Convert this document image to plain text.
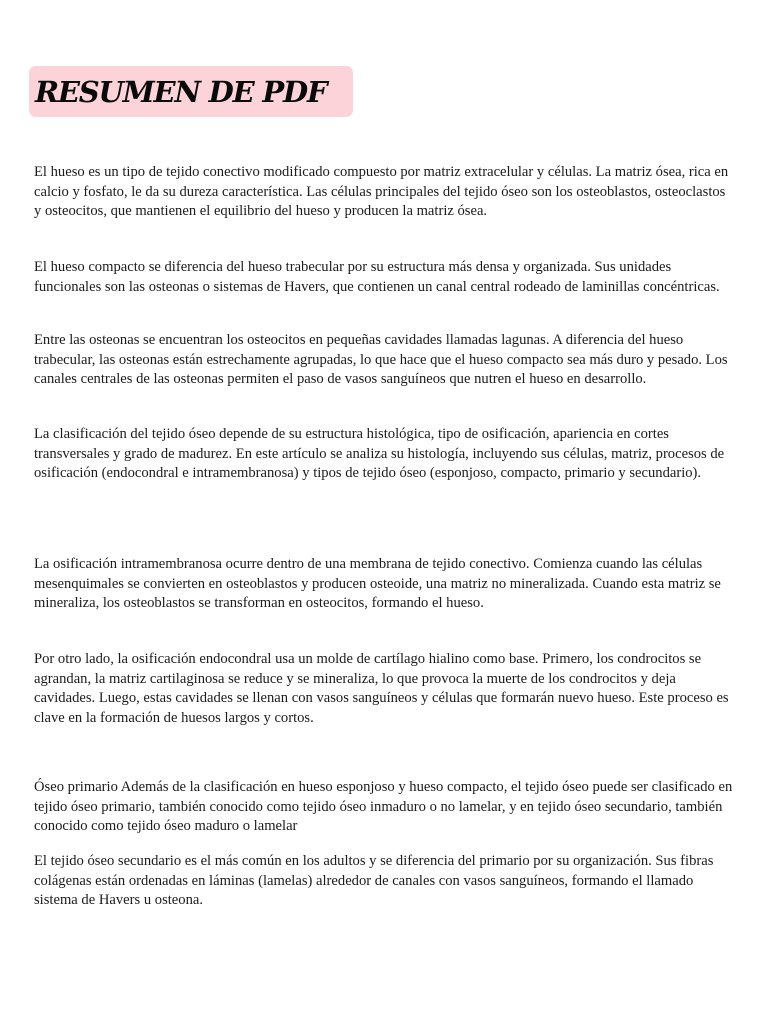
RESUMEN DE PDF

El hueso es un tipo de tejido conectivo modificado compuesto por matriz extracelular y células. La matriz ósea, rica en calcio y fosfato, le da su dureza característica. Las células principales del tejido óseo son los osteoblastos, osteoclastos y osteocitos, que mantienen el equilibrio del hueso y producen la matriz ósea.

El hueso compacto se diferencia del hueso trabecular por su estructura más densa y organizada. Sus unidades funcionales son las osteonas o sistemas de Havers, que contienen un canal central rodeado de laminillas concéntricas.

Entre las osteonas se encuentran los osteocitos en pequeñas cavidades llamadas lagunas. A diferencia del hueso trabecular, las osteonas están estrechamente agrupadas, lo que hace que el hueso compacto sea más duro y pesado. Los canales centrales de las osteonas permiten el paso de vasos sanguíneos que nutren el hueso en desarrollo.

La clasificación del tejido óseo depende de su estructura histológica, tipo de osificación, apariencia en cortes transversales y grado de madurez. En este artículo se analiza su histología, incluyendo sus células, matriz, procesos de osificación (endocondral e intramembranosa) y tipos de tejido óseo (esponjoso, compacto, primario y secundario).

La osificación intramembranosa ocurre dentro de una membrana de tejido conectivo. Comienza cuando las células mesenquimales se convierten en osteoblastos y producen osteoide, una matriz no mineralizada. Cuando esta matriz se mineraliza, los osteoblastos se transforman en osteocitos, formando el hueso.

Por otro lado, la osificación endocondral usa un molde de cartílago hialino como base. Primero, los condrocitos se agrandan, la matriz cartilaginosa se reduce y se mineraliza, lo que provoca la muerte de los condrocitos y deja cavidades. Luego, estas cavidades se llenan con vasos sanguíneos y células que formarán nuevo hueso. Este proceso es clave en la formación de huesos largos y cortos.

Óseo primario Además de la clasificación en hueso esponjoso y hueso compacto, el tejido óseo puede ser clasificado en tejido óseo primario, también conocido como tejido óseo inmaduro o no lamelar, y en tejido óseo secundario, también conocido como tejido óseo maduro o lamelar

El tejido óseo secundario es el más común en los adultos y se diferencia del primario por su organización. Sus fibras colágenas están ordenadas en láminas (lamelas) alrededor de canales con vasos sanguíneos, formando el llamado sistema de Havers u osteona.
